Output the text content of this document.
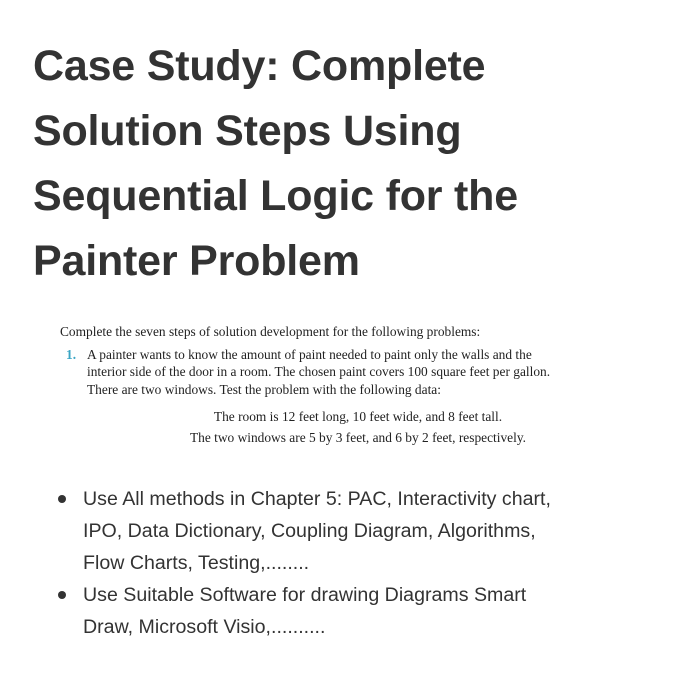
Case Study: Complete
Solution Steps Using
Sequential Logic for the
Painter Problem
Complete the seven steps of solution development for the following problems:
1. A painter wants to know the amount of paint needed to paint only the walls and the
interior side of the door in a room. The chosen paint covers 100 square feet per gallon.
There are two windows. Test the problem with the following data:
The room is 12 feet long, 10 feet wide, and 8 feet tall.
The two windows are 5 by 3 feet, and 6 by 2 feet, respectively.
Use All methods in Chapter 5: PAC, Interactivity chart,
IPO, Data Dictionary, Coupling Diagram, Algorithms,
Flow Charts, Testing,........
Use Suitable Software for drawing Diagrams Smart
Draw, Microsoft Visio,..........
